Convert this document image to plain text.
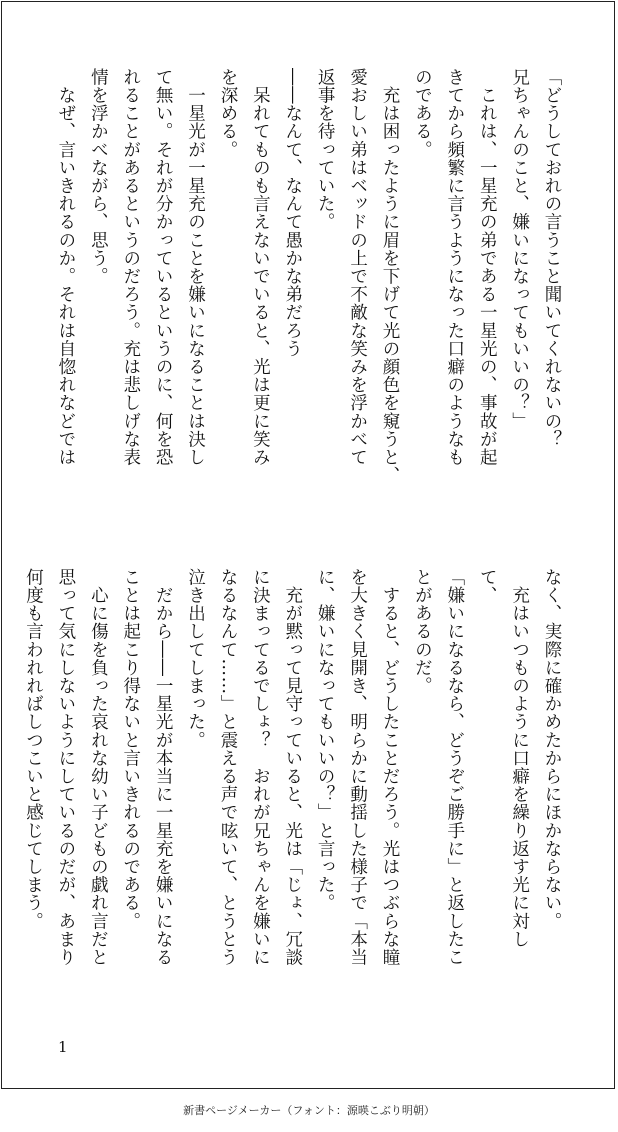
「どうしておれの言うこと聞いてくれないの？

兄ちゃんのこと、嫌いになってもいいの？」

　これは、一星充の弟である一星光の、事故が起

きてから頻繁に言うようになった口癖のようなも

のである。

　充は困ったように眉を下げて光の顔色を窺うと、

愛おしい弟はベッドの上で不敵な笑みを浮かべて

返事を待っていた。

――なんて、なんて愚かな弟だろう

　呆れてものも言えないでいると、光は更に笑み

を深める。

　一星光が一星充のことを嫌いになることは決し

て無い。それが分かっているというのに、何を恐

れることがあるというのだろう。充は悲しげな表

情を浮かべながら、思う。

　なぜ、言いきれるのか。それは自惚れなどでは

なく、実際に確かめたからにほかならない。

　充はいつものように口癖を繰り返す光に対して、

「嫌いになるなら、どうぞご勝手に」と返したこ

とがあるのだ。

　すると、どうしたことだろう。光はつぶらな瞳

を大きく見開き、明らかに動揺した様子で「本当

に、嫌いになってもいいの？」と言った。

　充が黙って見守っていると、光は「じょ、冗談

に決まってるでしょ？　おれが兄ちゃんを嫌いに

なるなんて……」と震える声で呟いて、とうとう

泣き出してしまった。

　だから――一星光が本当に一星充を嫌いになる

ことは起こり得ないと言いきれるのである。

　心に傷を負った哀れな幼い子どもの戯れ言だと

思って気にしないようにしているのだが、あまり

何度も言われればしつこいと感じてしまう。

1
新書ページメーカー（フォント：源暎こぶり明朝）
